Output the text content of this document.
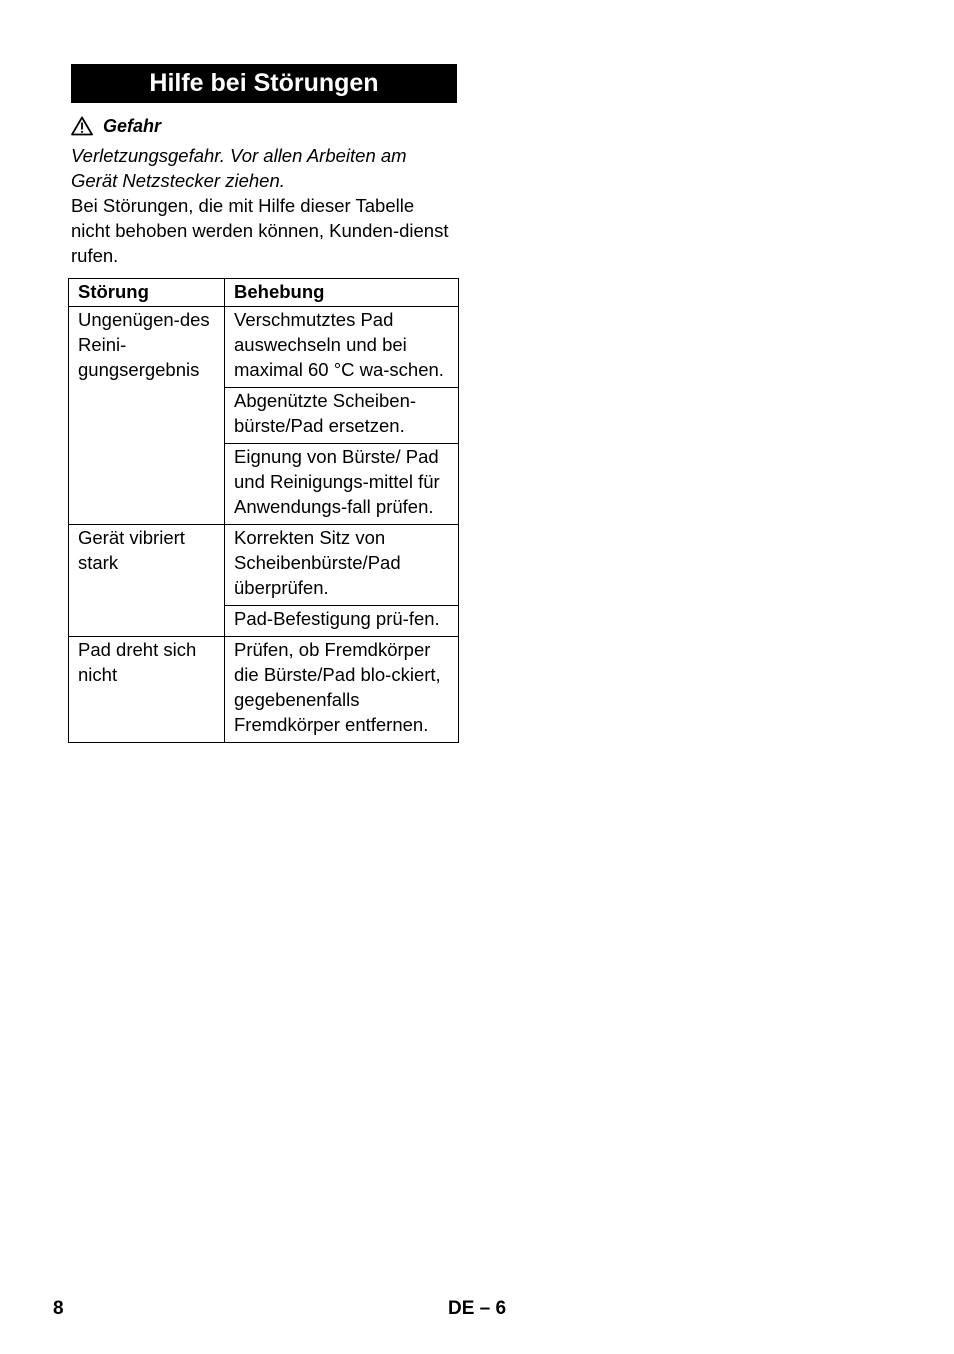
Hilfe bei Störungen
Gefahr

Verletzungsgefahr. Vor allen Arbeiten am Gerät Netzstecker ziehen.

Bei Störungen, die mit Hilfe dieser Tabelle nicht behoben werden können, Kunden-dienst rufen.

Störung	Behebung
Ungenügen-des Reini-gungsergebnis	Verschmutztes Pad auswechseln und bei maximal 60 °C wa-schen.
	Abgenützte Scheiben-bürste/Pad ersetzen.
	Eignung von Bürste/ Pad und Reinigungs-mittel für Anwendungs-fall prüfen.
Gerät vibriert stark	Korrekten Sitz von Scheibenbürste/Pad überprüfen.
	Pad-Befestigung prü-fen.
Pad dreht sich nicht	Prüfen, ob Fremdkörper die Bürste/Pad blo-ckiert, gegebenenfalls Fremdkörper entfernen.
8	DE – 6
